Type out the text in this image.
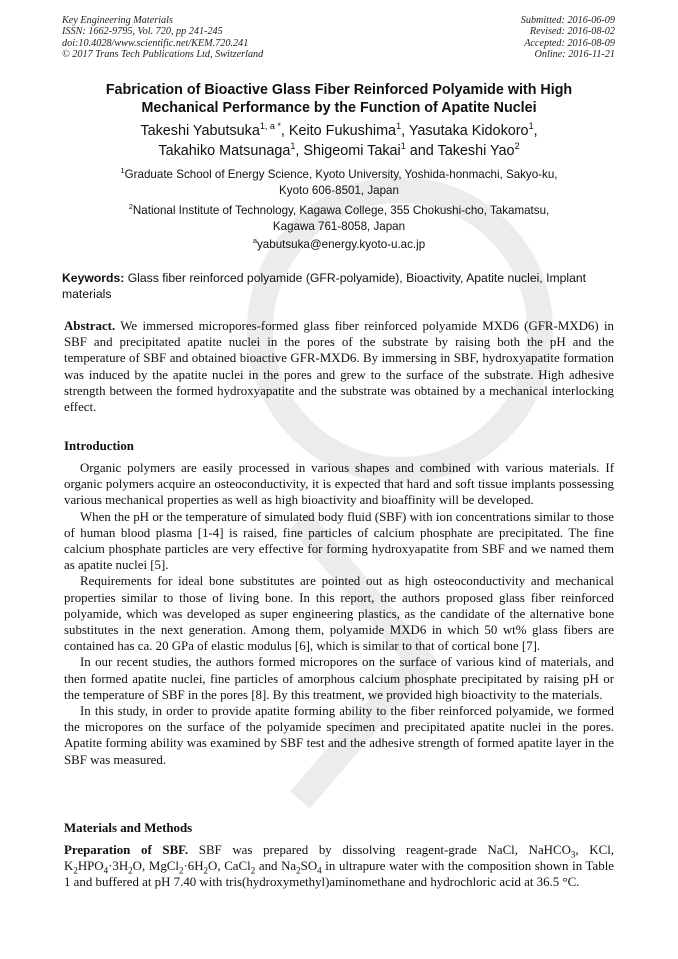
Key Engineering Materials
ISSN: 1662-9795, Vol. 720, pp 241-245
doi:10.4028/www.scientific.net/KEM.720.241
© 2017 Trans Tech Publications Ltd, Switzerland
Submitted: 2016-06-09
Revised: 2016-08-02
Accepted: 2016-08-09
Online: 2016-11-21
Fabrication of Bioactive Glass Fiber Reinforced Polyamide with High
Mechanical Performance by the Function of Apatite Nuclei
Takeshi Yabutsuka$^{1, a *}$, Keito Fukushima$^1$, Yasutaka Kidokoro$^1$,
Takahiko Matsunaga$^1$, Shigeomi Takai$^1$ and Takeshi Yao$^2$
$^1$Graduate School of Energy Science, Kyoto University, Yoshida-honmachi, Sakyo-ku,
Kyoto 606-8501, Japan
$^2$National Institute of Technology, Kagawa College, 355 Chokushi-cho, Takamatsu,
Kagawa 761-8058, Japan
$^a$yabutsuka@energy.kyoto-u.ac.jp
Keywords: Glass fiber reinforced polyamide (GFR-polyamide), Bioactivity, Apatite nuclei, Implant materials

Abstract. We immersed micropores-formed glass fiber reinforced polyamide MXD6 (GFR-MXD6) in SBF and precipitated apatite nuclei in the pores of the substrate by raising both the pH and the temperature of SBF and obtained bioactive GFR-MXD6. By immersing in SBF, hydroxyapatite formation was induced by the apatite nuclei in the pores and grew to the surface of the substrate. High adhesive strength between the formed hydroxyapatite and the substrate was obtained by a mechanical interlocking effect.

Introduction

Organic polymers are easily processed in various shapes and combined with various materials. If organic polymers acquire an osteoconductivity, it is expected that hard and soft tissue implants possessing various mechanical properties as well as high bioactivity and bioaffinity will be developed.

When the pH or the temperature of simulated body fluid (SBF) with ion concentrations similar to those of human blood plasma [1-4] is raised, fine particles of calcium phosphate are precipitated. The fine calcium phosphate particles are very effective for forming hydroxyapatite from SBF and we named them as apatite nuclei [5].

Requirements for ideal bone substitutes are pointed out as high osteoconductivity and mechanical properties similar to those of living bone. In this report, the authors proposed glass fiber reinforced polyamide, which was developed as super engineering plastics, as the candidate of the alternative bone substitutes in the next generation. Among them, polyamide MXD6 in which 50 wt% glass fibers are contained has ca. 20 GPa of elastic modulus [6], which is similar to that of cortical bone [7].

In our recent studies, the authors formed micropores on the surface of various kind of materials, and then formed apatite nuclei, fine particles of amorphous calcium phosphate precipitated by raising pH or the temperature of SBF in the pores [8]. By this treatment, we provided high bioactivity to the materials.

In this study, in order to provide apatite forming ability to the fiber reinforced polyamide, we formed the micropores on the surface of the polyamide specimen and precipitated apatite nuclei in the pores. Apatite forming ability was examined by SBF test and the adhesive strength of formed apatite layer in the SBF was measured.

Materials and Methods

Preparation of SBF. SBF was prepared by dissolving reagent-grade NaCl, NaHCO$_3$, KCl, $K_2HPO_4\cdot 3H_2O$, $MgCl_2\cdot 6H_2O$, CaCl$_2$ and $Na_2SO_4$ in ultrapure water with the composition shown in Table 1 and buffered at pH 7.40 with tris(hydroxymethyl)aminomethane and hydrochloric acid at 36.5 °C.
